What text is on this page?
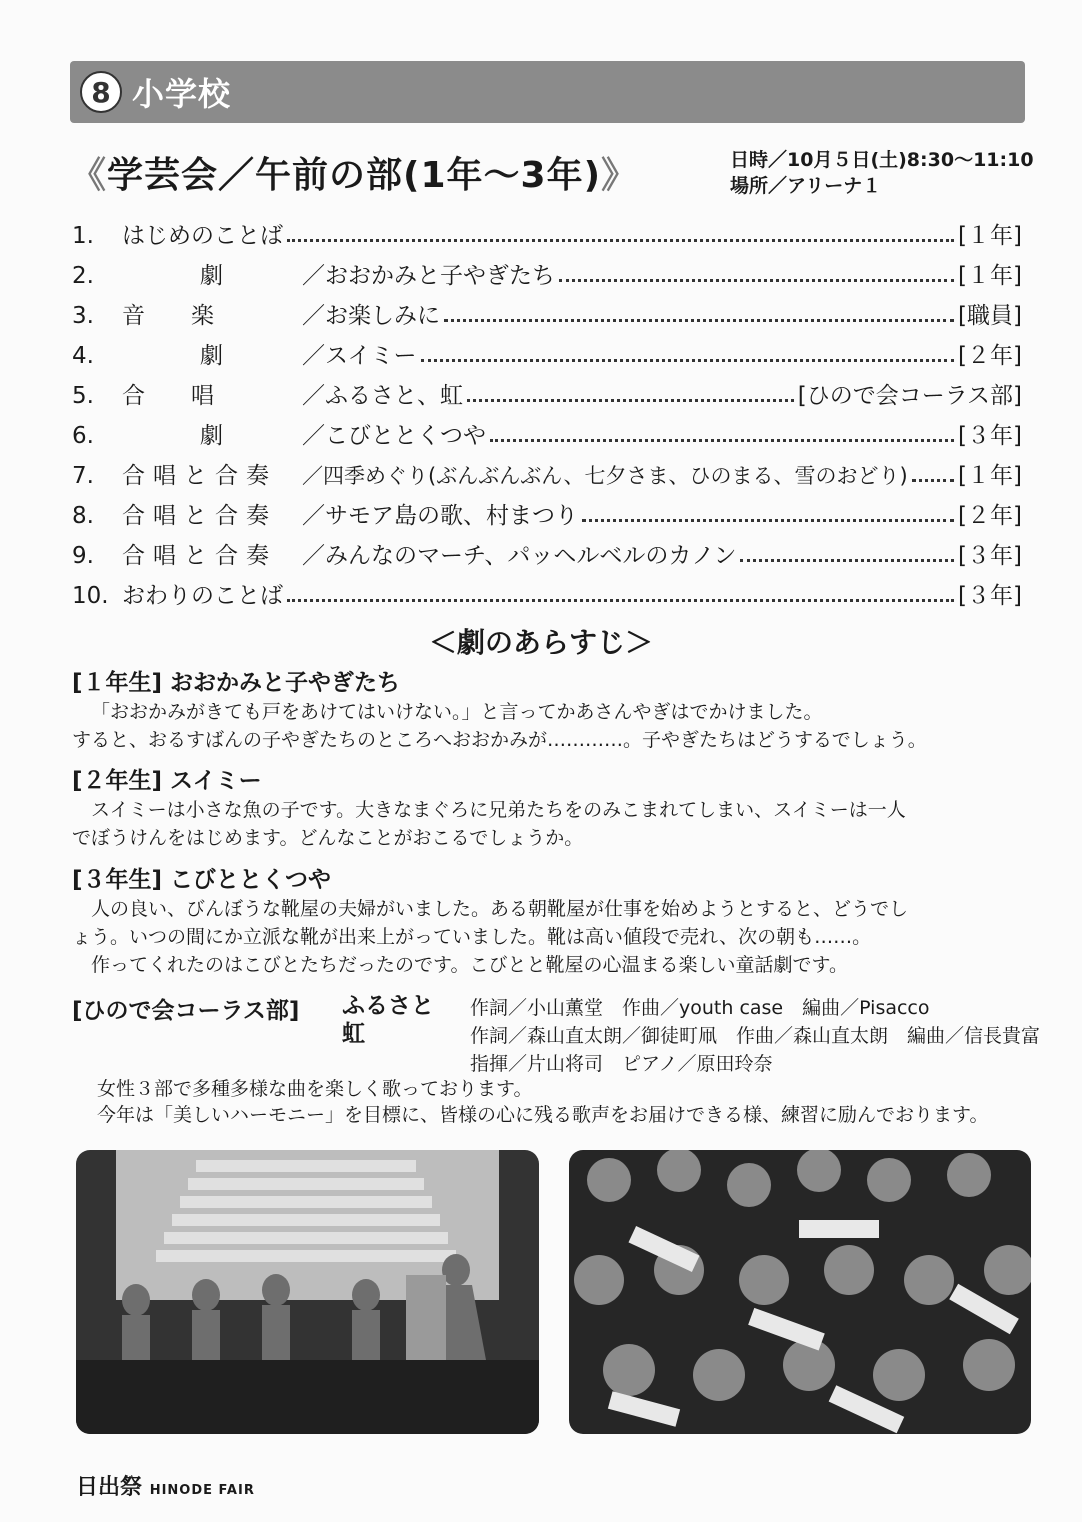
8 小学校
《学芸会／午前の部(1年～3年)》	日時／10月５日(土)8:30～11:10
場所／アリーナ１
1.	はじめのことば	[１年]
2.	劇	／おおかみと子やぎたち	[１年]
3.	音　　楽	／お楽しみに	[職員]
4.	劇	／スイミー	[２年]
5.	合　　唱	／ふるさと、虹	[ひので会コーラス部]
6.	劇	／こびととくつや	[３年]
7.	合唱と合奏	／四季めぐり(ぶんぶんぶん、七夕さま、ひのまる、雪のおどり) [１年]
8.	合唱と合奏	／サモア島の歌、村まつり	[２年]
9.	合唱と合奏	／みんなのマーチ、パッヘルベルのカノン	[３年]
10. おわりのことば	[３年]
＜劇のあらすじ＞
[１年生] おおかみと子やぎたち

「おおかみがきても戸をあけてはいけない。」と言ってかあさんやぎはでかけました。

すると、おるすばんの子やぎたちのところへおおかみが…………。子やぎたちはどうするでしょう。

[２年生] スイミー

スイミーは小さな魚の子です。大きなまぐろに兄弟たちをのみこまれてしまい、スイミーは一人

でぼうけんをはじめます。どんなことがおこるでしょうか。

[３年生] こびととくつや

人の良い、びんぼうな靴屋の夫婦がいました。ある朝靴屋が仕事を始めようとすると、どうでし

ょう。いつの間にか立派な靴が出来上がっていました。靴は高い値段で売れ、次の朝も……。

作ってくれたのはこびとたちだったのです。こびとと靴屋の心温まる楽しい童話劇です。

[ひので会コーラス部] ふるさと
虹
作詞／小山薫堂　作曲／youth case　編曲／Pisacco
作詞／森山直太朗／御徒町凧　作曲／森山直太朗　編曲／信長貴富
指揮／片山将司　ピアノ／原田玲奈
女性３部で多種多様な曲を楽しく歌っております。
今年は「美しいハーモニー」を目標に、皆様の心に残る歌声をお届けできる様、練習に励んでおります。
日出祭 HINODE FAIR
